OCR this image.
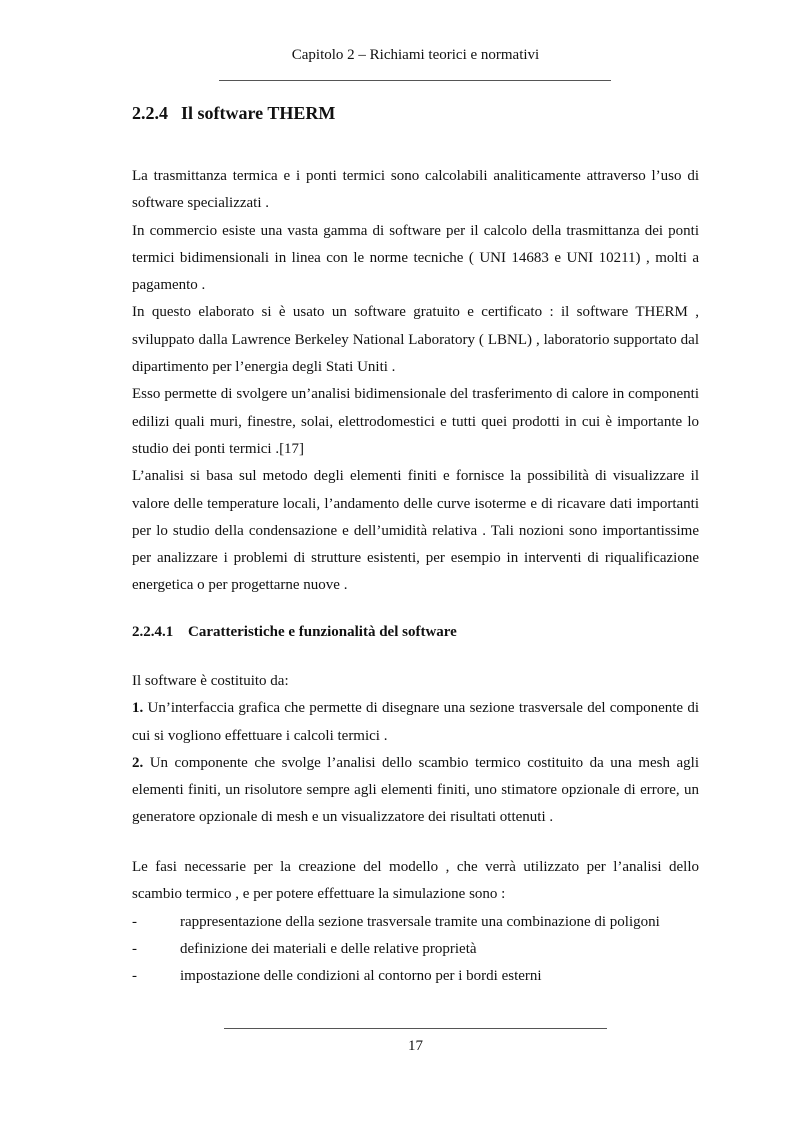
Capitolo 2 – Richiami teorici e normativi
2.2.4 Il software THERM

La trasmittanza termica e i ponti termici sono calcolabili analiticamente attraverso l’uso di software specializzati .

In commercio esiste una vasta gamma di software per il calcolo della trasmittanza dei ponti termici bidimensionali in linea con le norme tecniche ( UNI 14683 e UNI 10211) , molti a pagamento .

In questo elaborato si è usato un software gratuito e certificato : il software THERM , sviluppato dalla Lawrence Berkeley National Laboratory ( LBNL) , laboratorio supportato dal dipartimento per l’energia degli Stati Uniti .

Esso permette di svolgere un’analisi bidimensionale del trasferimento di calore in componenti edilizi quali muri, finestre, solai, elettrodomestici e tutti quei prodotti in cui è importante lo studio dei ponti termici .[17]

L’analisi si basa sul metodo degli elementi finiti e fornisce la possibilità di visualizzare il valore delle temperature locali, l’andamento delle curve isoterme e di ricavare dati importanti per lo studio della condensazione e dell’umidità relativa . Tali nozioni sono importantissime per analizzare i problemi di strutture esistenti, per esempio in interventi di riqualificazione energetica o per progettarne nuove .

2.2.4.1 Caratteristiche e funzionalità del software

Il software è costituito da:

1. Un’interfaccia grafica che permette di disegnare una sezione trasversale del componente di cui si vogliono effettuare i calcoli termici .

2. Un componente che svolge l’analisi dello scambio termico costituito da una mesh agli elementi finiti, un risolutore sempre agli elementi finiti, uno stimatore opzionale di errore, un generatore opzionale di mesh e un visualizzatore dei risultati ottenuti .

Le fasi necessarie per la creazione del modello , che verrà utilizzato per l’analisi dello scambio termico , e per potere effettuare la simulazione sono :

-	rappresentazione della sezione trasversale tramite una combinazione di poligoni
-	definizione dei materiali e delle relative proprietà
-	impostazione delle condizioni al contorno per i bordi esterni
17
